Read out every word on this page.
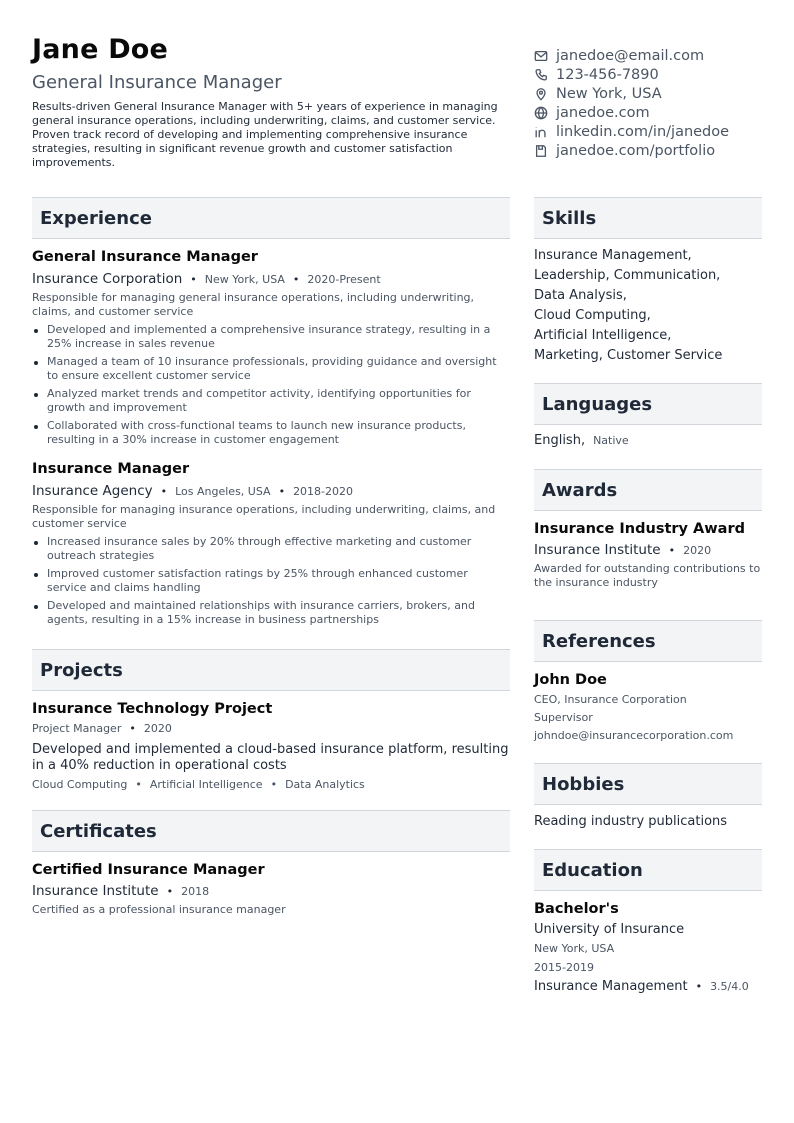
Jane Doe
General Insurance Manager
Results-driven General Insurance Manager with 5+ years of experience in managing general insurance operations, including underwriting, claims, and customer service. Proven track record of developing and implementing comprehensive insurance strategies, resulting in significant revenue growth and customer satisfaction improvements.
janedoe@email.com
123-456-7890
New York, USA
janedoe.com
linkedin.com/in/janedoe
janedoe.com/portfolio
Experience
General Insurance Manager
Insurance Corporation • New York, USA • 2020-Present
Responsible for managing general insurance operations, including underwriting, claims, and customer service
Developed and implemented a comprehensive insurance strategy, resulting in a 25% increase in sales revenue
Managed a team of 10 insurance professionals, providing guidance and oversight to ensure excellent customer service
Analyzed market trends and competitor activity, identifying opportunities for growth and improvement
Collaborated with cross-functional teams to launch new insurance products, resulting in a 30% increase in customer engagement
Insurance Manager
Insurance Agency • Los Angeles, USA • 2018-2020
Responsible for managing insurance operations, including underwriting, claims, and customer service
Increased insurance sales by 20% through effective marketing and customer outreach strategies
Improved customer satisfaction ratings by 25% through enhanced customer service and claims handling
Developed and maintained relationships with insurance carriers, brokers, and agents, resulting in a 15% increase in business partnerships
Projects
Insurance Technology Project
Project Manager • 2020
Developed and implemented a cloud-based insurance platform, resulting in a 40% reduction in operational costs
Cloud Computing • Artificial Intelligence • Data Analytics
Certificates
Certified Insurance Manager
Insurance Institute • 2018
Certified as a professional insurance manager
Skills
Insurance Management,
Leadership, Communication,
Data Analysis,
Cloud Computing,
Artificial Intelligence,
Marketing, Customer Service
Languages
English, Native
Awards
Insurance Industry Award
Insurance Institute • 2020
Awarded for outstanding contributions to the insurance industry
References
John Doe
CEO, Insurance Corporation
Supervisor
johndoe@insurancecorporation.com
Hobbies
Reading industry publications
Education
Bachelor's
University of Insurance
New York, USA
2015-2019
Insurance Management • 3.5/4.0
